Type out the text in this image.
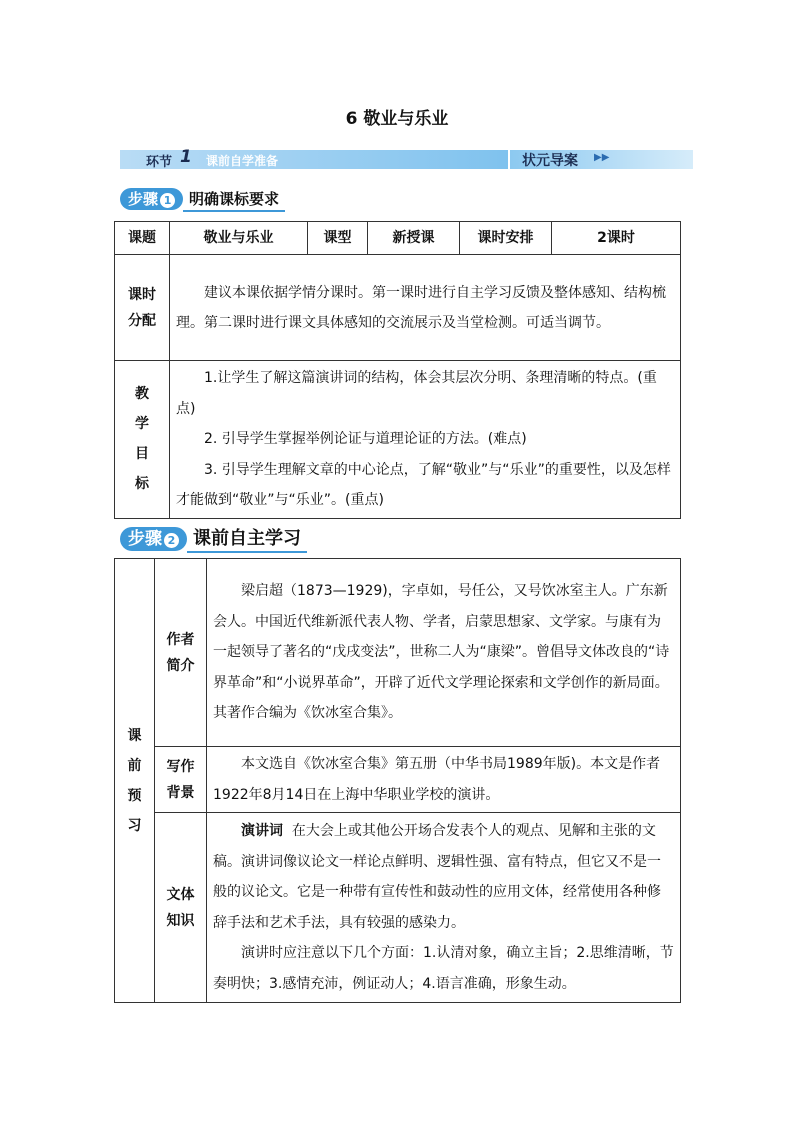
6 敬业与乐业
环节 1 课前自学准备	状元导案 ▶▶
步骤 1 明确课标要求
课题	敬业与乐业	课型	新授课	课时安排	2课时
课时分配	建议本课依据学情分课时。第一课时进行自主学习反馈及整体感知、结构梳理。第二课时进行课文具体感知的交流展示及当堂检测。可适当调节。				
教学目标	1.让学生了解这篇演讲词的结构，体会其层次分明、条理清晰的特点。(重点)

2. 引导学生掌握举例论证与道理论证的方法。(难点)

3. 引导学生理解文章的中心论点，了解“敬业”与“乐业”的重要性，以及怎样才能做到“敬业”与“乐业”。(重点)				

步骤 2 课前自主学习
课前预习	作者简介	梁启超（1873—1929)，字卓如，号任公，又号饮冰室主人。广东新会人。中国近代维新派代表人物、学者，启蒙思想家、文学家。与康有为一起领导了著名的“戊戌变法”，世称二人为“康梁”。曾倡导文体改良的“诗界革命”和“小说界革命”，开辟了近代文学理论探索和文学创作的新局面。其著作合编为《饮冰室合集》。

	写作背景	本文选自《饮冰室合集》第五册（中华书局1989年版)。本文是作者1922年8月14日在上海中华职业学校的演讲。

	文体知识	演讲词 在大会上或其他公开场合发表个人的观点、见解和主张的文稿。演讲词像议论文一样论点鲜明、逻辑性强、富有特点，但它又不是一般的议论文。它是一种带有宣传性和鼓动性的应用文体，经常使用各种修辞手法和艺术手法，具有较强的感染力。

演讲时应注意以下几个方面：1.认清对象，确立主旨；2.思维清晰，节奏明快；3.感情充沛，例证动人；4.语言准确，形象生动。
